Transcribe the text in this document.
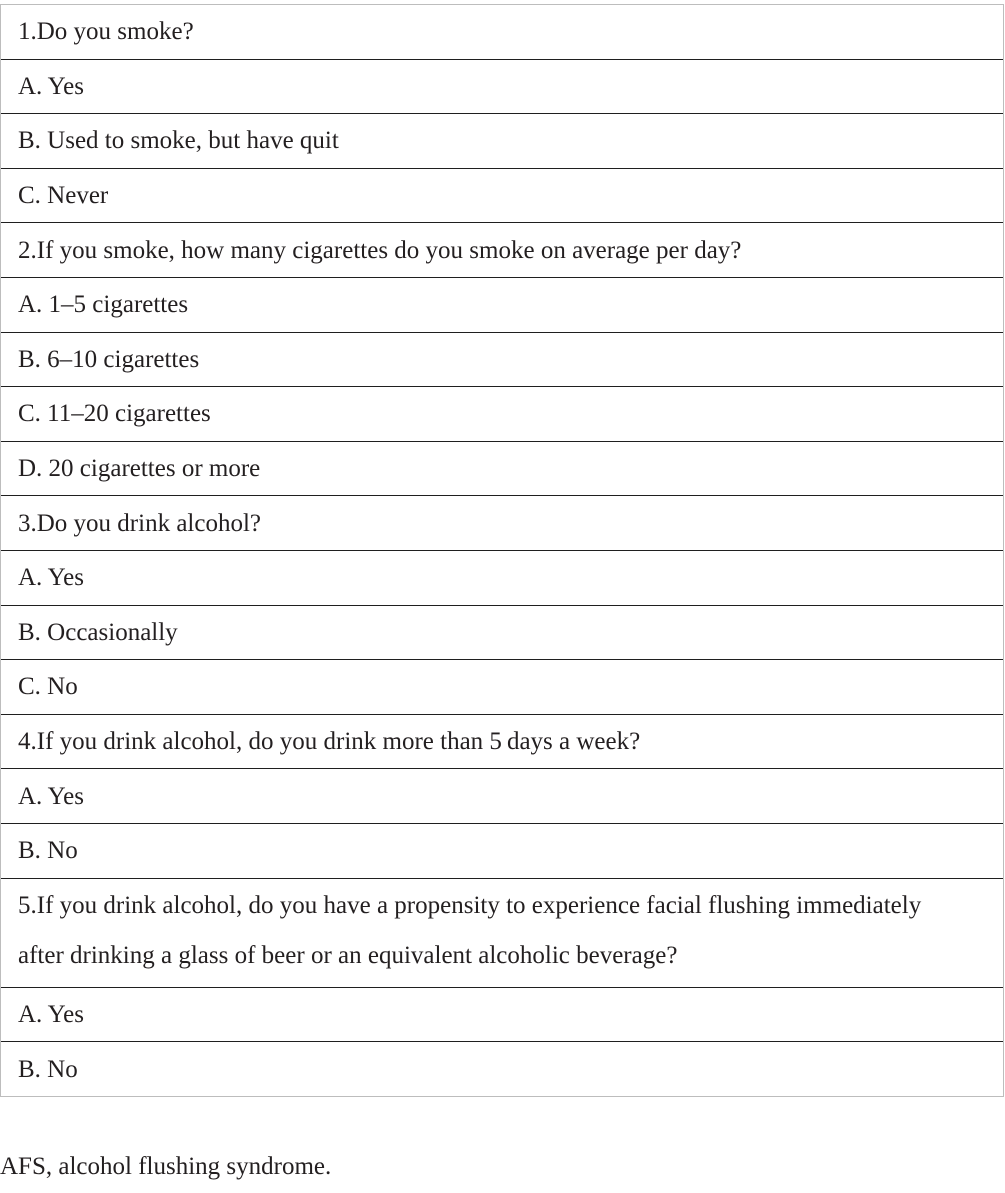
1.Do you smoke?
A. Yes
B. Used to smoke, but have quit
C. Never
2.If you smoke, how many cigarettes do you smoke on average per day?
A. 1–5 cigarettes
B. 6–10 cigarettes
C. 11–20 cigarettes
D. 20 cigarettes or more
3.Do you drink alcohol?
A. Yes
B. Occasionally
C. No
4.If you drink alcohol, do you drink more than 5 days a week?
A. Yes
B. No
5.If you drink alcohol, do you have a propensity to experience facial flushing immediately after drinking a glass of beer or an equivalent alcoholic beverage?
A. Yes
B. No
AFS, alcohol flushing syndrome.
